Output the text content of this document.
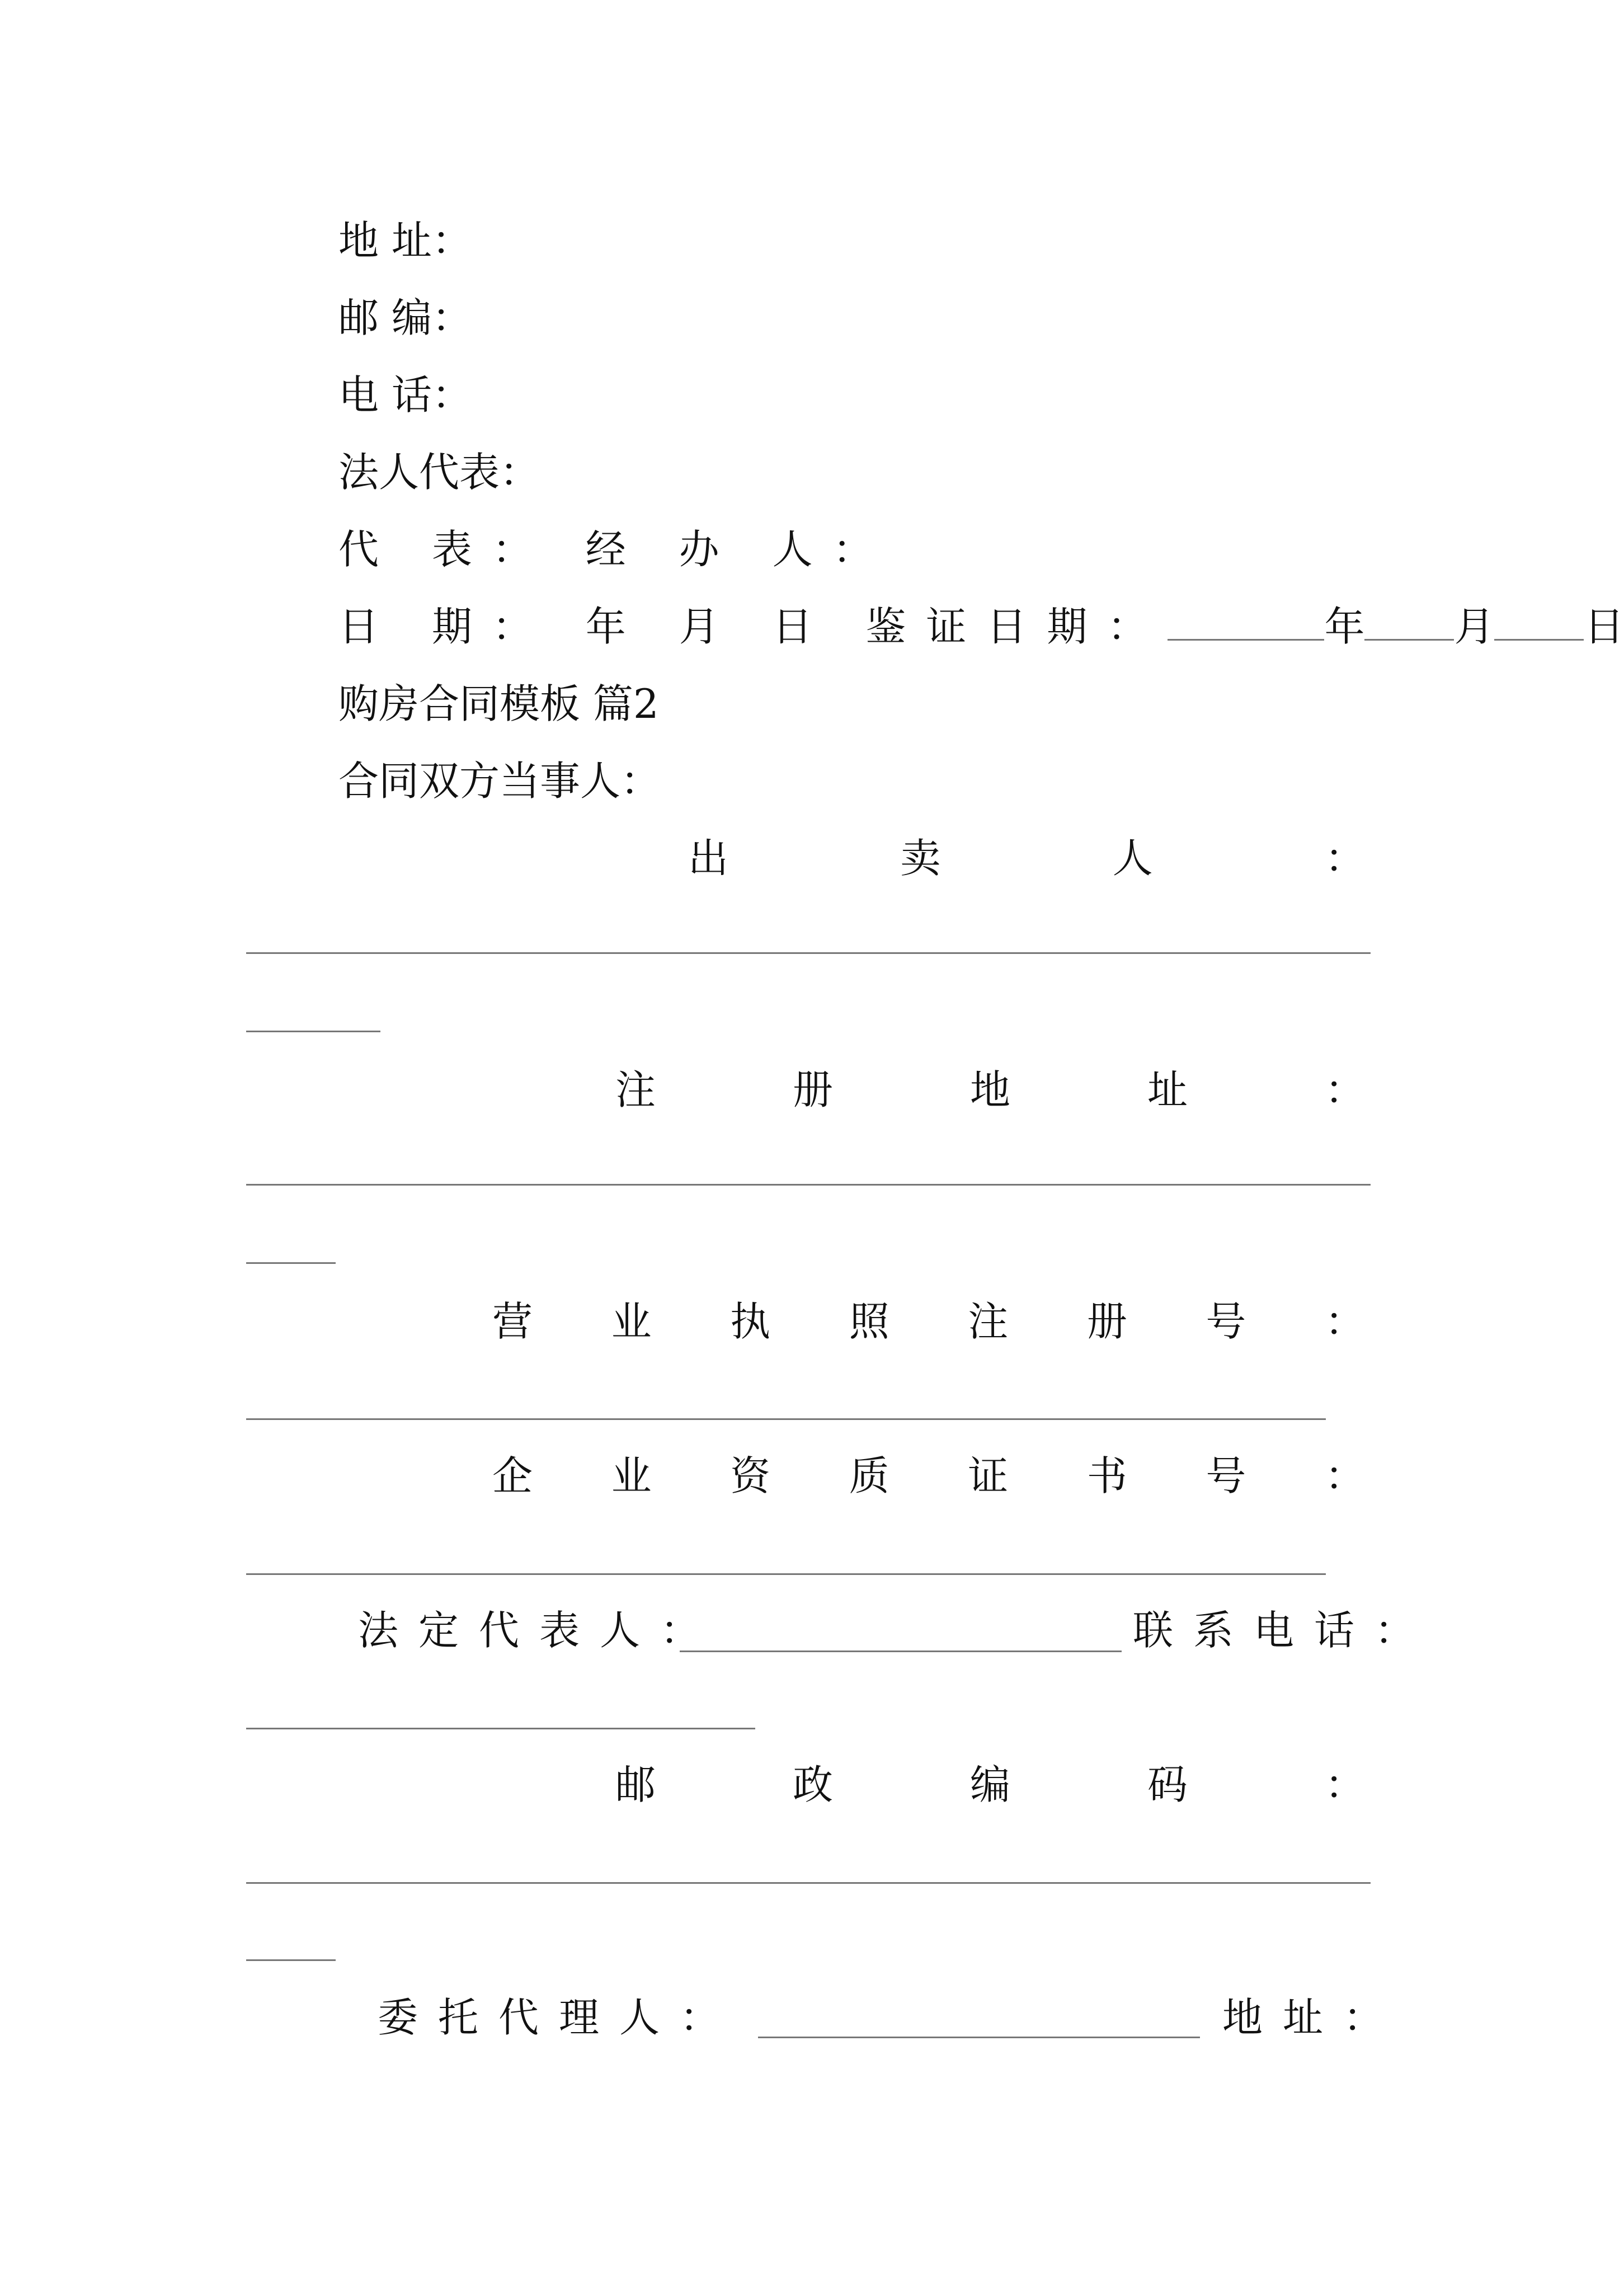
地 址：
邮 编：
电 话：
法人代表：
代 表： 经 办 人：
日 期： 年 月 日 鉴证日期：	年 月 日
购房合同模板 篇2
合同双方当事人：
出	卖	人	：
注	册	地	址	：
营 业 执 照 注 册 号 ：
企 业 资 质 证 书 号 ：
法定代表人：	联系电话：
邮	政	编	码	：
委托代理人：	地址：
